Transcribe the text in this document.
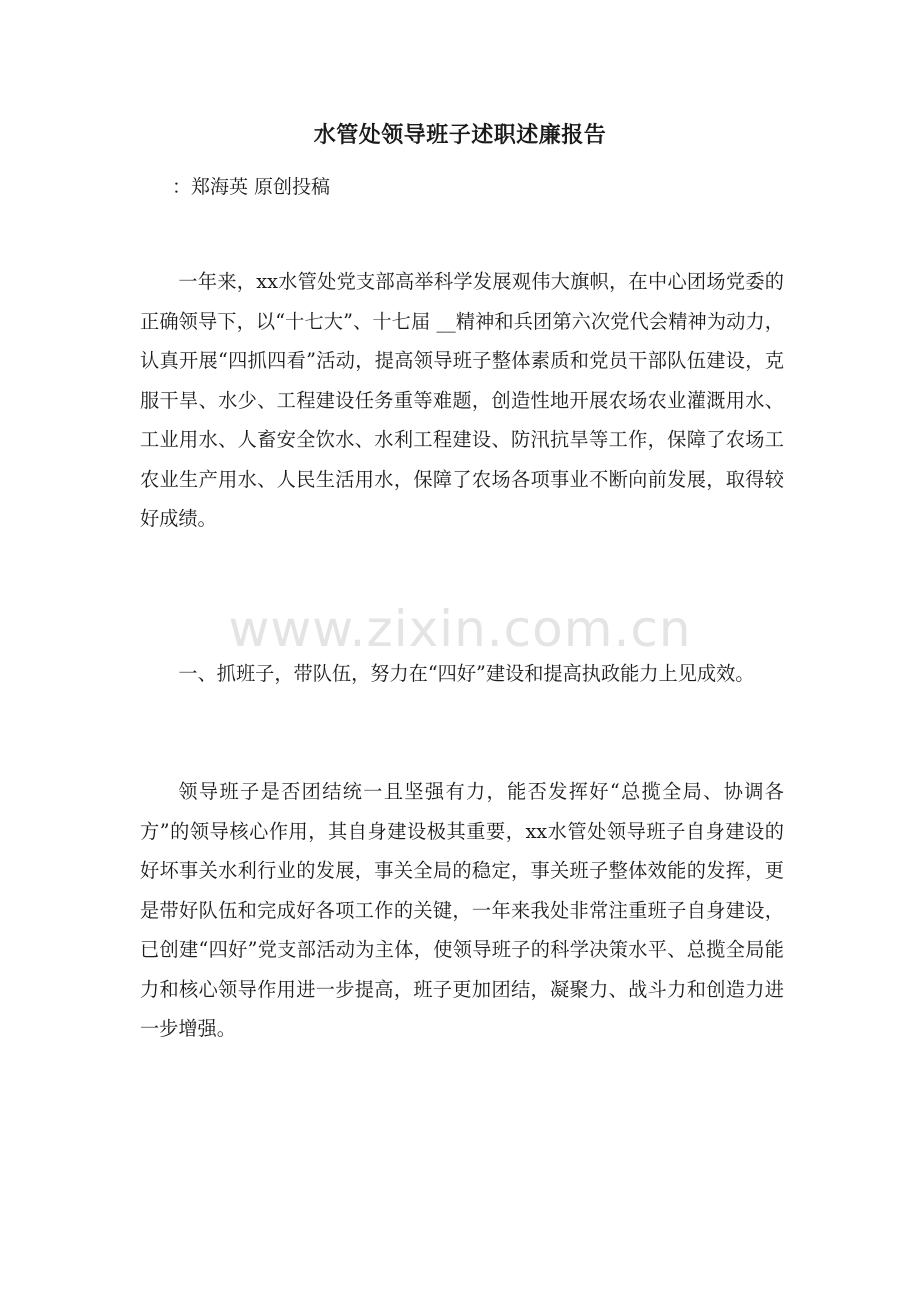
www.zixin.com.cn
水管处领导班子述职述廉报告
：郑海英 原创投稿

一年来，xx水管处党支部高举科学发展观伟大旗帜，在中心团场党委的正确领导下，以“十七大”、十七届 __精神和兵团第六次党代会精神为动力，认真开展“四抓四看”活动，提高领导班子整体素质和党员干部队伍建设，克服干旱、水少、工程建设任务重等难题，创造性地开展农场农业灌溉用水、工业用水、人畜安全饮水、水利工程建设、防汛抗旱等工作，保障了农场工农业生产用水、人民生活用水，保障了农场各项事业不断向前发展，取得较好成绩。

一、抓班子，带队伍，努力在“四好”建设和提高执政能力上见成效。

领导班子是否团结统一且坚强有力，能否发挥好“总揽全局、协调各方”的领导核心作用，其自身建设极其重要，xx水管处领导班子自身建设的好坏事关水利行业的发展，事关全局的稳定，事关班子整体效能的发挥，更是带好队伍和完成好各项工作的关键，一年来我处非常注重班子自身建设，已创建“四好”党支部活动为主体，使领导班子的科学决策水平、总揽全局能力和核心领导作用进一步提高，班子更加团结，凝聚力、战斗力和创造力进一步增强。
